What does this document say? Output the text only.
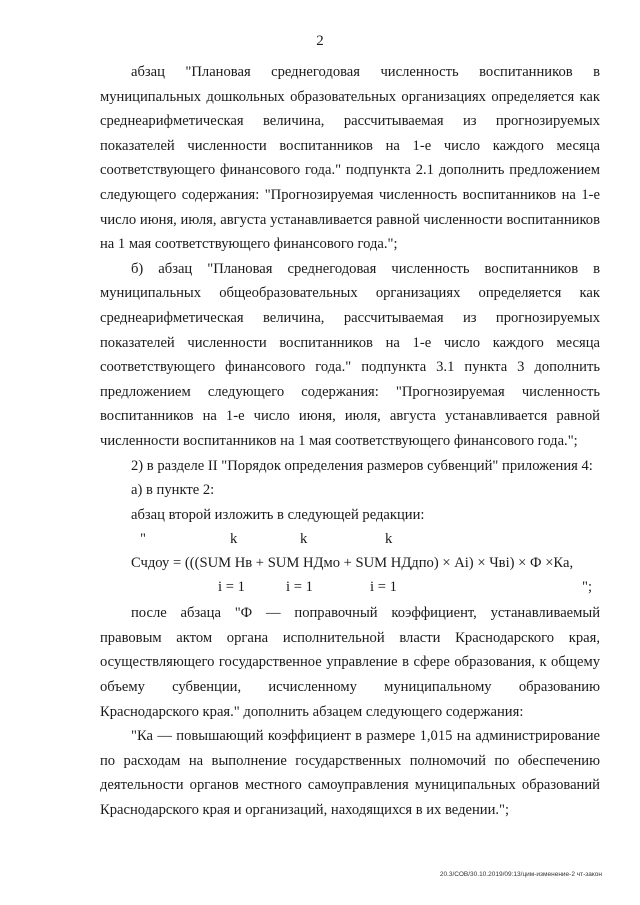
2

абзац "Плановая среднегодовая численность воспитанников в муниципальных дошкольных образовательных организациях определяется как среднеарифметическая величина, рассчитываемая из прогнозируемых показателей численности воспитанников на 1-е число каждого месяца соответствующего финансового года." подпункта 2.1 дополнить предложением следующего содержания: "Прогнозируемая численность воспитанников на 1-е число июня, июля, августа устанавливается равной численности воспитанников на 1 мая соответствующего финансового года.";

б) абзац "Плановая среднегодовая численность воспитанников в муниципальных общеобразовательных организациях определяется как среднеарифметическая величина, рассчитываемая из прогнозируемых показателей численности воспитанников на 1-е число каждого месяца соответствующего финансового года." подпункта 3.1 пункта 3 дополнить предложением следующего содержания: "Прогнозируемая численность воспитанников на 1-е число июня, июля, августа устанавливается равной численности воспитанников на 1 мая соответствующего финансового года.";

2) в разделе II "Порядок определения размеров субвенций" приложения 4:

а) в пункте 2:

абзац второй изложить в следующей редакции:

"	k	k	k
Счдоу = (((SUM Нв + SUM НДмо + SUM НДдпо) × Аi) × Чвi) × Ф ×Ка,
i = 1	i = 1	i = 1	";

после абзаца "Ф — поправочный коэффициент, устанавливаемый правовым актом органа исполнительной власти Краснодарского края, осуществляющего государственное управление в сфере образования, к общему объему субвенции, исчисленному муниципальному образованию Краснодарского края." дополнить абзацем следующего содержания:

"Ка — повышающий коэффициент в размере 1,015 на администрирование по расходам на выполнение государственных полномочий по обеспечению деятельности органов местного самоуправления муниципальных образований Краснодарского края и организаций, находящихся в их ведении.";

20.3/СОВ/30.10.2019/09:13/цим-изменение-2 чт-закон
